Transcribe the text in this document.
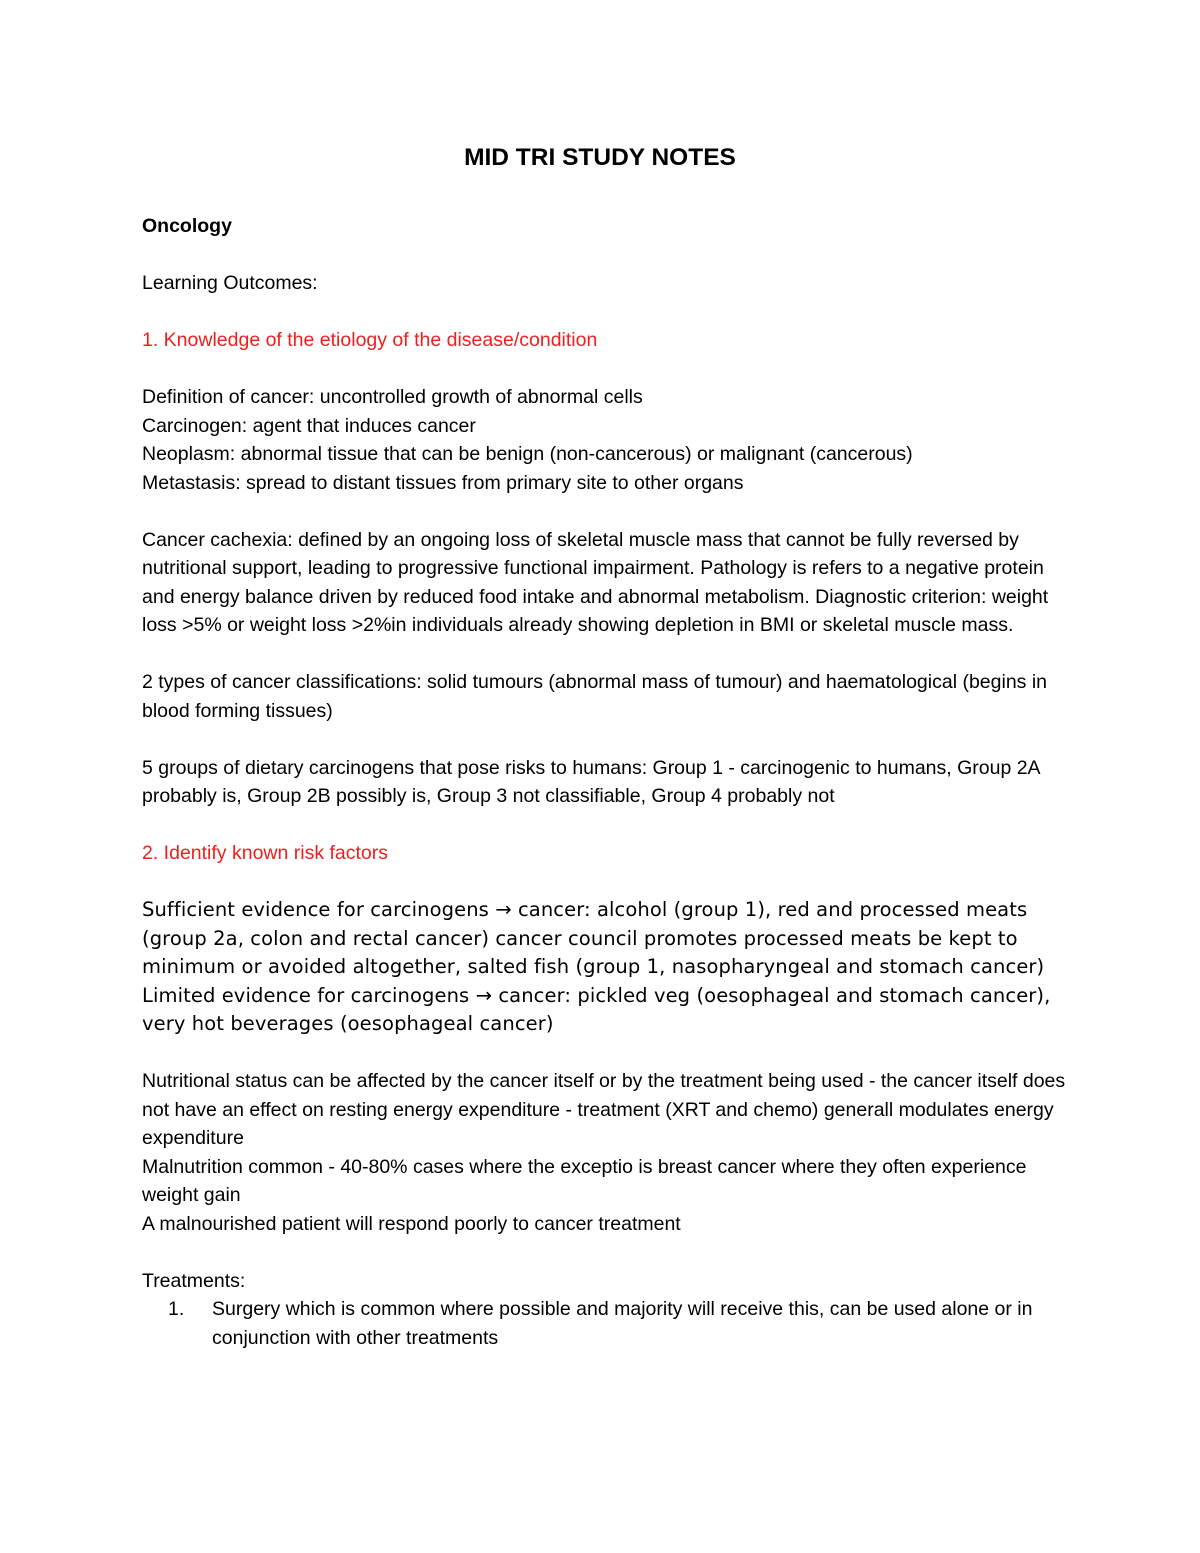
MID TRI STUDY NOTES

Oncology

Learning Outcomes:

1. Knowledge of the etiology of the disease/condition

Definition of cancer: uncontrolled growth of abnormal cells

Carcinogen: agent that induces cancer

Neoplasm: abnormal tissue that can be benign (non-cancerous) or malignant (cancerous)

Metastasis: spread to distant tissues from primary site to other organs

Cancer cachexia: defined by an ongoing loss of skeletal muscle mass that cannot be fully reversed by nutritional support, leading to progressive functional impairment. Pathology is refers to a negative protein and energy balance driven by reduced food intake and abnormal metabolism. Diagnostic criterion: weight loss >5% or weight loss >2%in individuals already showing depletion in BMI or skeletal muscle mass.

2 types of cancer classifications: solid tumours (abnormal mass of tumour) and haematological (begins in blood forming tissues)

5 groups of dietary carcinogens that pose risks to humans: Group 1 - carcinogenic to humans, Group 2A probably is, Group 2B possibly is, Group 3 not classifiable, Group 4 probably not

2. Identify known risk factors

Sufficient evidence for carcinogens → cancer: alcohol (group 1), red and processed meats (group 2a, colon and rectal cancer) cancer council promotes processed meats be kept to minimum or avoided altogether, salted fish (group 1, nasopharyngeal and stomach cancer)

Limited evidence for carcinogens → cancer: pickled veg (oesophageal and stomach cancer), very hot beverages (oesophageal cancer)

Nutritional status can be affected by the cancer itself or by the treatment being used - the cancer itself does not have an effect on resting energy expenditure - treatment (XRT and chemo) generall modulates energy expenditure

Malnutrition common - 40-80% cases where the exceptio is breast cancer where they often experience weight gain

A malnourished patient will respond poorly to cancer treatment

Treatments:

1. Surgery which is common where possible and majority will receive this, can be used alone or in conjunction with other treatments
